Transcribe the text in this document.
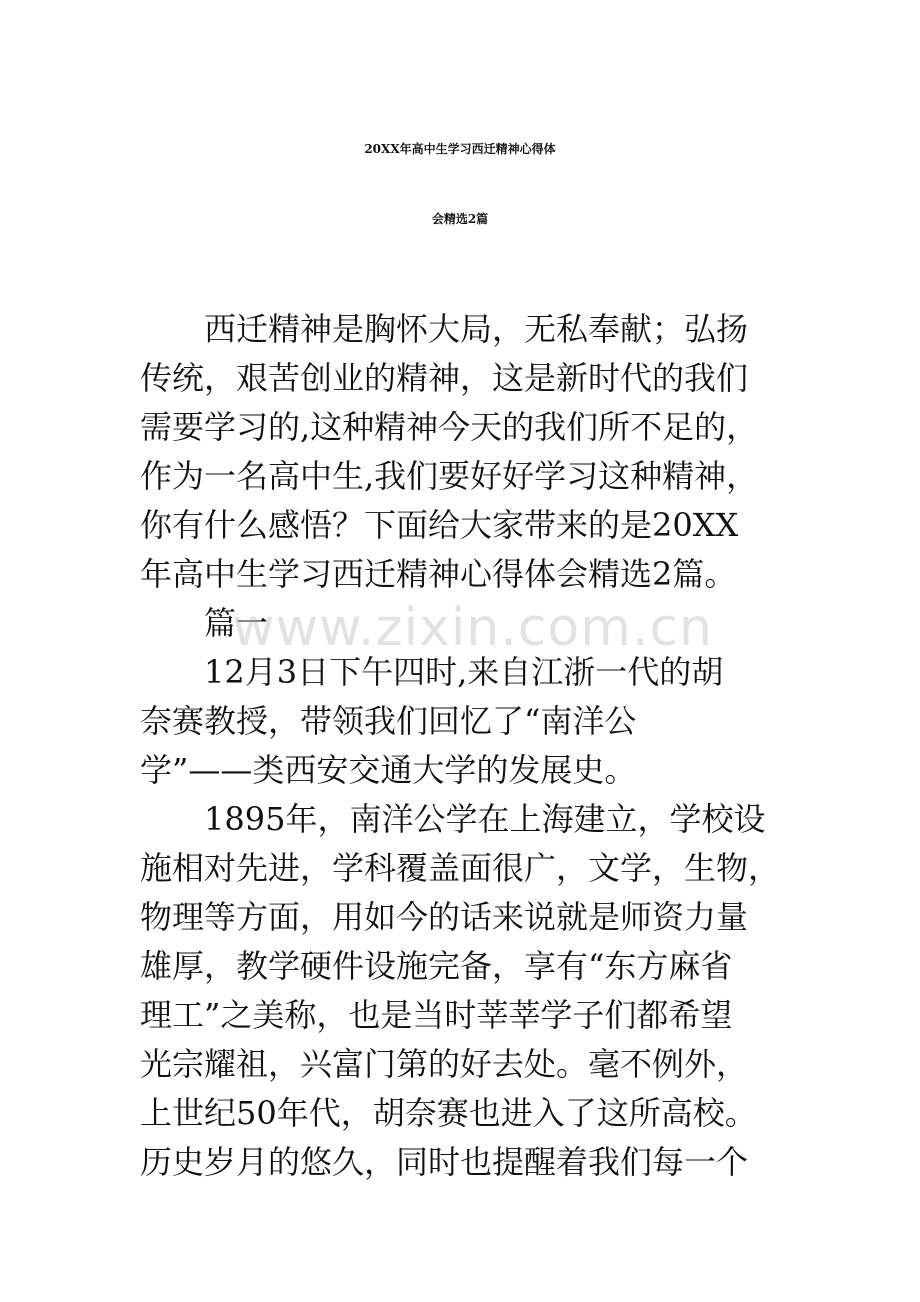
20XX年高中生学习西迁精神心得体
会精选2篇
　　西迁精神是胸怀大局，无私奉献；弘扬
传统，艰苦创业的精神，这是新时代的我们
需要学习的,这种精神今天的我们所不足的，
作为一名高中生,我们要好好学习这种精神，
你有什么感悟？下面给大家带来的是20XX
年高中生学习西迁精神心得体会精选2篇。
　　篇一
　　12月3日下午四时,来自江浙一代的胡
奈赛教授，带领我们回忆了“南洋公
学”——类西安交通大学的发展史。
　　1895年，南洋公学在上海建立，学校设
施相对先进，学科覆盖面很广，文学，生物，
物理等方面，用如今的话来说就是师资力量
雄厚，教学硬件设施完备，享有“东方麻省
理工”之美称，也是当时莘莘学子们都希望
光宗耀祖，兴富门第的好去处。毫不例外，
上世纪50年代，胡奈赛也进入了这所高校。
历史岁月的悠久，同时也提醒着我们每一个
www.zixin.com.cn
